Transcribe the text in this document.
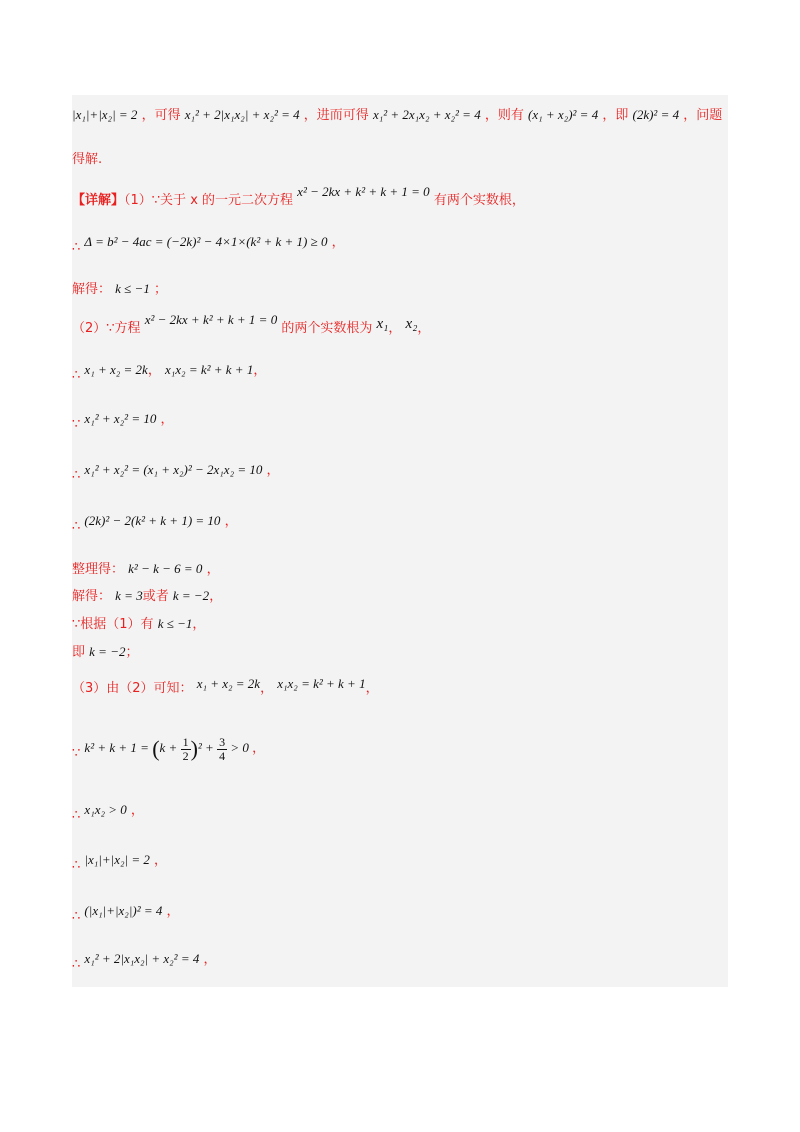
|x₁|+|x₂| = 2 ，可得 x₁² + 2|x₁x₂| + x₂² = 4 ，进而可得 x₁² + 2x₁x₂ + x₂² = 4 ，则有 (x₁ + x₂)² = 4 ，即 (2k)² = 4 ，问题
得解.
【详解】（1）∵关于 x 的一元二次方程 x² − 2kx + k² + k + 1 = 0 有两个实数根，
∴ Δ = b² − 4ac = (−2k)² − 4×1×(k² + k + 1) ≥ 0 ，
解得： k ≤ −1 ；
（2）∵方程 x² − 2kx + k² + k + 1 = 0 的两个实数根为 x₁， x₂，
∴ x₁ + x₂ = 2k， x₁x₂ = k² + k + 1，
∵ x₁² + x₂² = 10 ，
∴ x₁² + x₂² = (x₁ + x₂)² − 2x₁x₂ = 10 ，
∴ (2k)² − 2(k² + k + 1) = 10 ，
整理得： k² − k − 6 = 0 ，
解得： k = 3或者 k = −2，
∵根据（1）有 k ≤ −1，
即 k = −2；
（3）由（2）可知： x₁ + x₂ = 2k， x₁x₂ = k² + k + 1，
∵ $k^2 + k + 1 = (k + \frac{1}{2} )^2 + \frac{3}{4} > 0$ ，
∴ x₁x₂ > 0 ，
∴ |x₁|+|x₂| = 2 ，
∴ (|x₁|+|x₂|)² = 4 ，
∴ x₁² + 2|x₁x₂| + x₂² = 4 ，
